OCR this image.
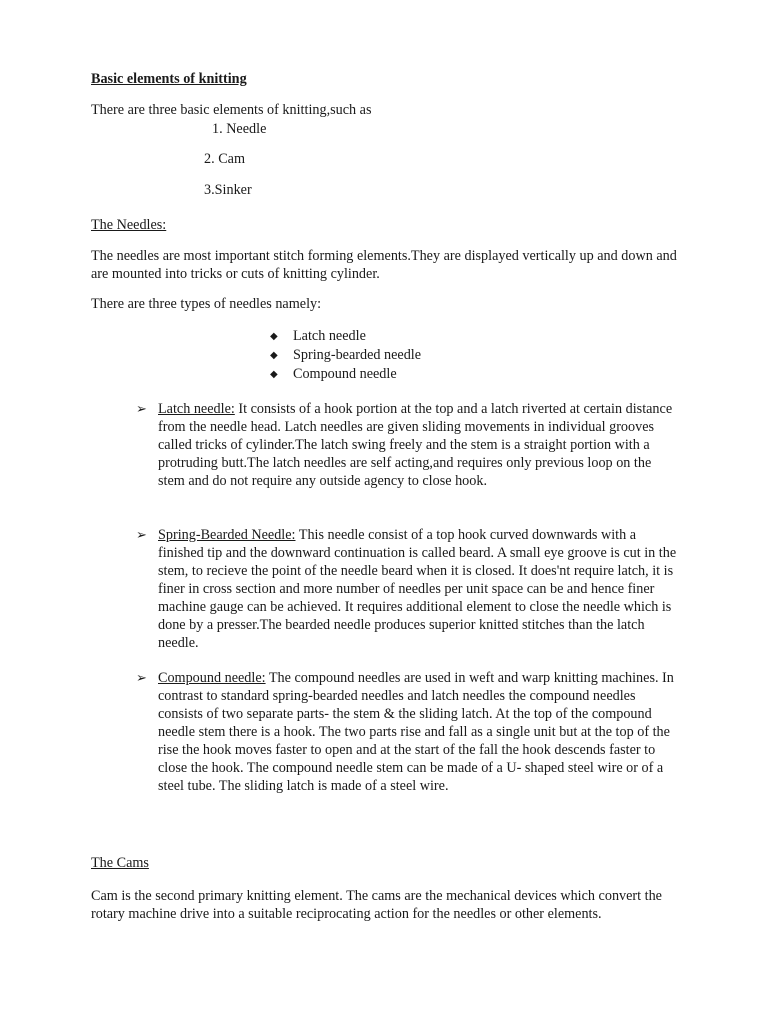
Basic elements of knitting

There are three basic elements of knitting,such as

1. Needle

2. Cam

3.Sinker

The Needles:

The needles are most important stitch forming elements.They are displayed vertically up and down and are mounted into tricks or cuts of knitting cylinder.

There are three types of needles namely:

◆ Latch needle
◆ Spring-bearded needle
◆ Compound needle
➢ Latch needle: It consists of a hook portion at the top and a latch riverted at certain distance from the needle head. Latch needles are given sliding movements in individual grooves called tricks of cylinder.The latch swing freely and the stem is a straight portion with a protruding butt.The latch needles are self acting,and requires only previous loop on the stem and do not require any outside agency to close hook.

➢ Spring-Bearded Needle: This needle consist of a top hook curved downwards with a finished tip and the downward continuation is called beard. A small eye groove is cut in the stem, to recieve the point of the needle beard when it is closed. It does'nt require latch, it is finer in cross section and more number of needles per unit space can be and hence finer machine gauge can be achieved. It requires additional element to close the needle which is done by a presser.The bearded needle produces superior knitted stitches than the latch needle.

➢ Compound needle: The compound needles are used in weft and warp knitting machines. In contrast to standard spring-bearded needles and latch needles the compound needles consists of two separate parts- the stem & the sliding latch. At the top of the compound needle stem there is a hook. The two parts rise and fall as a single unit but at the top of the rise the hook moves faster to open and at the start of the fall the hook descends faster to close the hook. The compound needle stem can be made of a U- shaped steel wire or of a steel tube. The sliding latch is made of a steel wire.

The Cams

Cam is the second primary knitting element. The cams are the mechanical devices which convert the rotary machine drive into a suitable reciprocating action for the needles or other elements.
